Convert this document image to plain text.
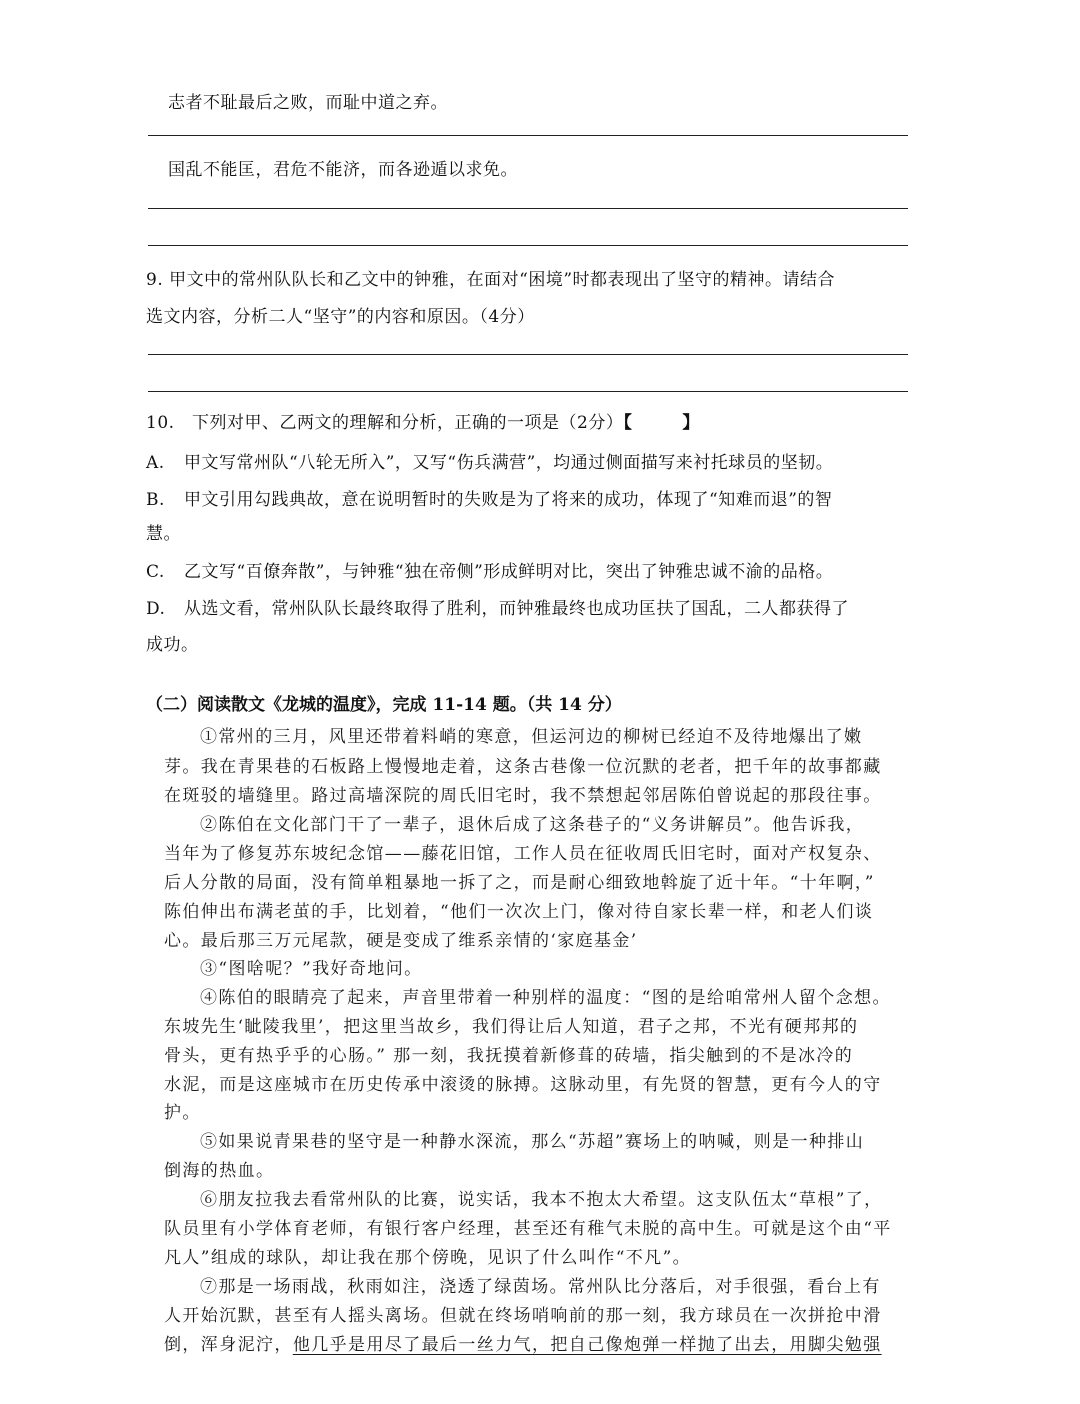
志者不耻最后之败，而耻中道之弃。
国乱不能匡，君危不能济，而各逊遁以求免。
9. 甲文中的常州队队长和乙文中的钟雅，在面对“困境”时都表现出了坚守的精神。请结合
选文内容，分析二人“坚守”的内容和原因。（4分）
10.　下列对甲、乙两文的理解和分析，正确的一项是（2分）【	】
A. 甲文写常州队“八轮无所入”，又写“伤兵满营”，均通过侧面描写来衬托球员的坚韧。
B. 甲文引用勾践典故，意在说明暂时的失败是为了将来的成功，体现了“知难而退”的智
慧。
C. 乙文写“百僚奔散”，与钟雅“独在帝侧”形成鲜明对比，突出了钟雅忠诚不渝的品格。
D. 从选文看，常州队队长最终取得了胜利，而钟雅最终也成功匡扶了国乱，二人都获得了
成功。
（二）阅读散文《龙城的温度》，完成 11-14 题。（共 14 分）
①常州的三月，风里还带着料峭的寒意，但运河边的柳树已经迫不及待地爆出了嫩
芽。我在青果巷的石板路上慢慢地走着，这条古巷像一位沉默的老者，把千年的故事都藏
在斑驳的墙缝里。路过高墙深院的周氏旧宅时，我不禁想起邻居陈伯曾说起的那段往事。
②陈伯在文化部门干了一辈子，退休后成了这条巷子的“义务讲解员”。他告诉我，
当年为了修复苏东坡纪念馆——藤花旧馆，工作人员在征收周氏旧宅时，面对产权复杂、
后人分散的局面，没有简单粗暴地一拆了之，而是耐心细致地斡旋了近十年。“十年啊，”
陈伯伸出布满老茧的手，比划着，“他们一次次上门，像对待自家长辈一样，和老人们谈
心。最后那三万元尾款，硬是变成了维系亲情的‘家庭基金’
③“图啥呢？”我好奇地问。
④陈伯的眼睛亮了起来，声音里带着一种别样的温度：“图的是给咱常州人留个念想。
东坡先生‘眦陵我里’，把这里当故乡，我们得让后人知道，君子之邦，不光有硬邦邦的
骨头，更有热乎乎的心肠。” 那一刻，我抚摸着新修葺的砖墙，指尖触到的不是冰冷的
水泥，而是这座城市在历史传承中滚烫的脉搏。这脉动里，有先贤的智慧，更有今人的守
护。
⑤如果说青果巷的坚守是一种静水深流，那么“苏超”赛场上的呐喊，则是一种排山
倒海的热血。
⑥朋友拉我去看常州队的比赛，说实话，我本不抱太大希望。这支队伍太“草根”了，
队员里有小学体育老师，有银行客户经理，甚至还有稚气未脱的高中生。可就是这个由“平
凡人”组成的球队，却让我在那个傍晚，见识了什么叫作“不凡”。
⑦那是一场雨战，秋雨如注，浇透了绿茵场。常州队比分落后，对手很强，看台上有
人开始沉默，甚至有人摇头离场。但就在终场哨响前的那一刻，我方球员在一次拼抢中滑
倒，浑身泥泞，他几乎是用尽了最后一丝力气，把自己像炮弹一样抛了出去，用脚尖勉强
